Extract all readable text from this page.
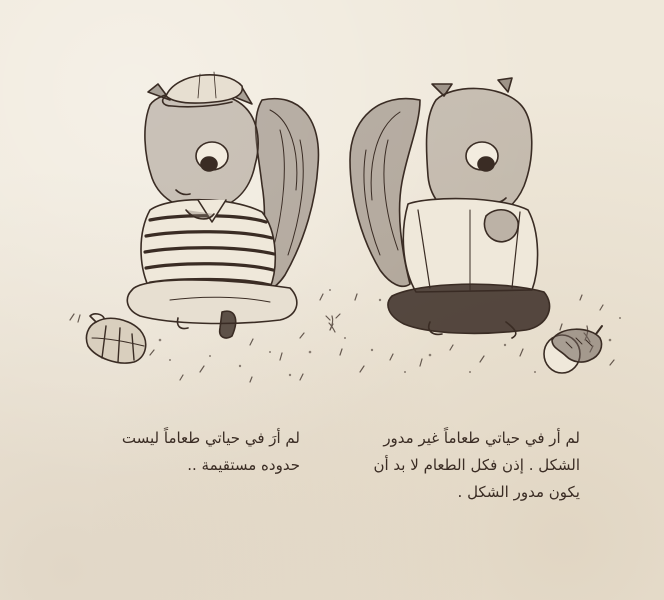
لم أرَ في حياتي طعاماً ليست
حدوده مستقيمة ..
لم أر في حياتي طعاماً غير مدور
الشكل . إذن فكل الطعام لا بد أن
يكون مدور الشكل .
